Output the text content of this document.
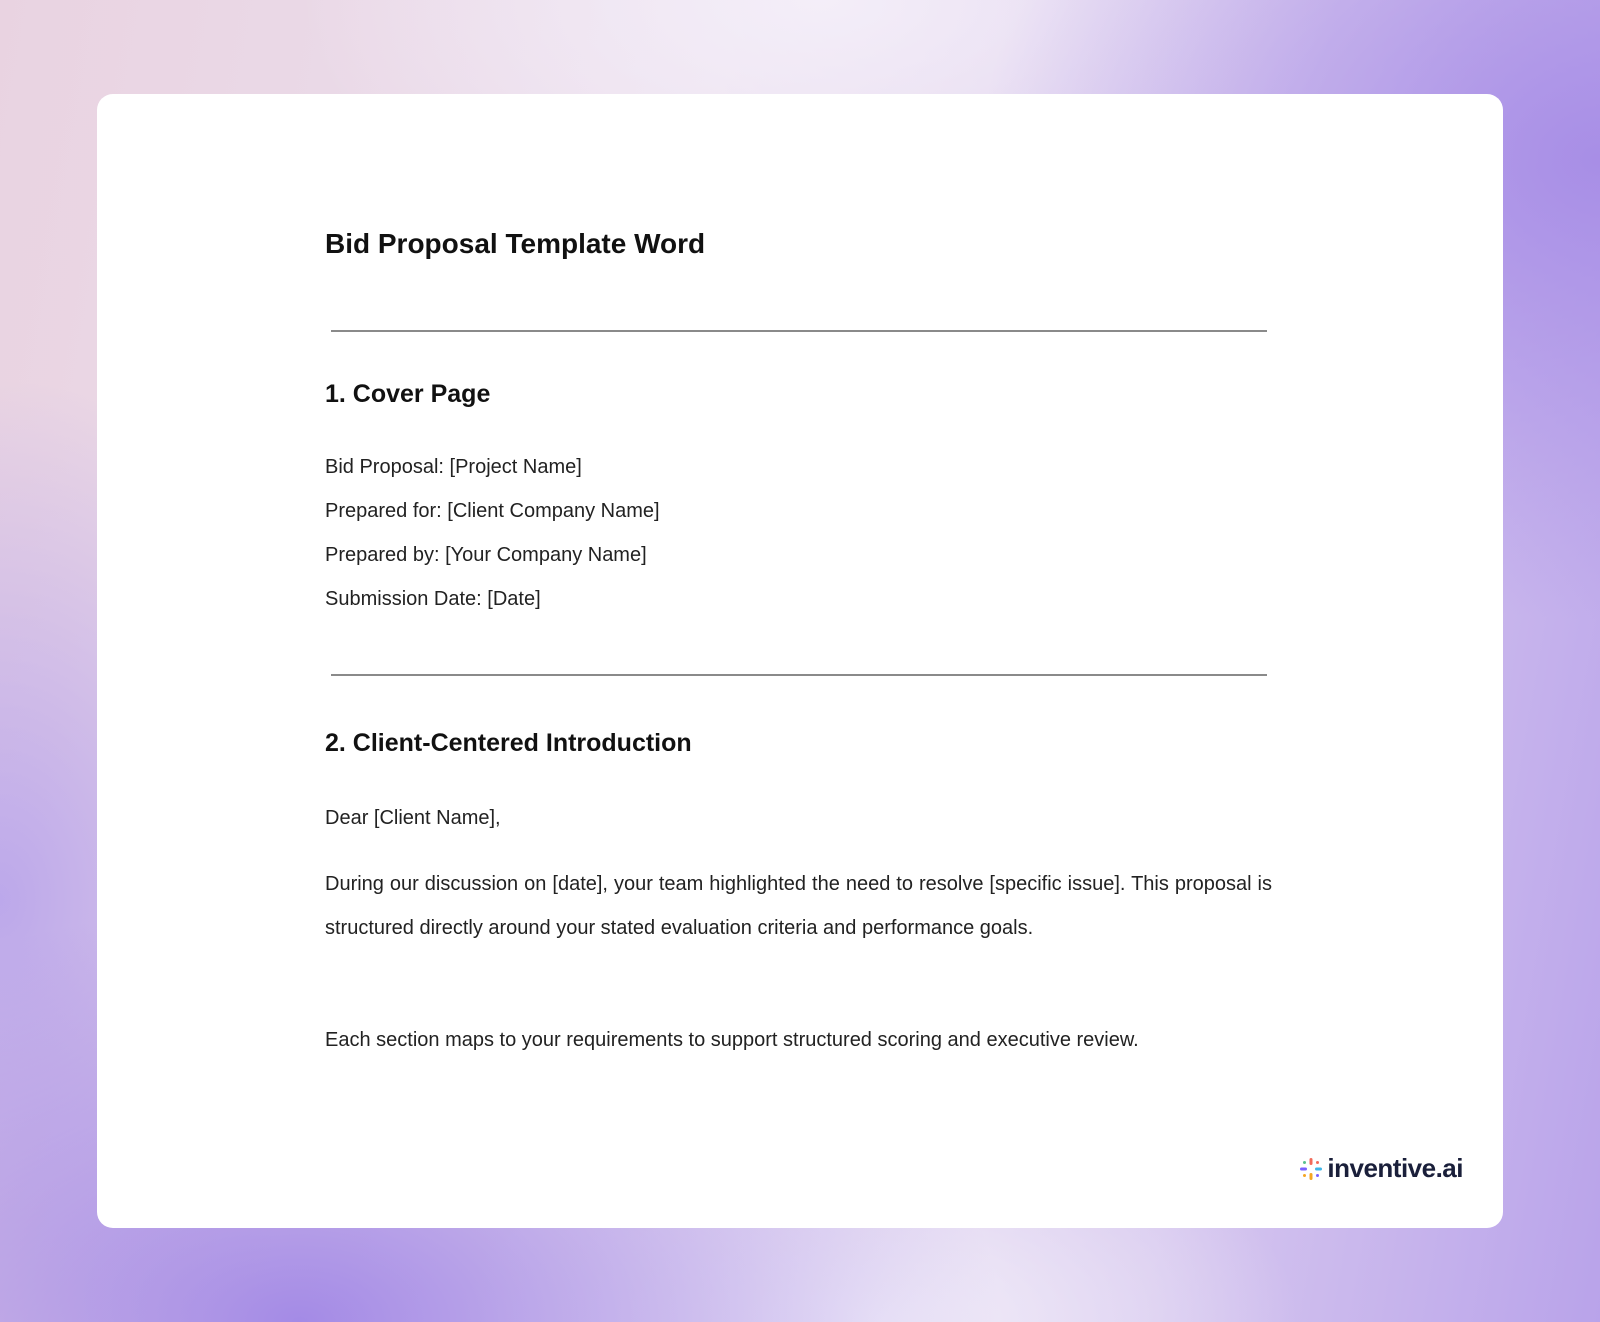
Bid Proposal Template Word
1. Cover Page

Bid Proposal: [Project Name]

Prepared for: [Client Company Name]

Prepared by: [Your Company Name]

Submission Date: [Date]

2. Client-Centered Introduction

Dear [Client Name],

During our discussion on [date], your team highlighted the need to resolve [specific issue]. This proposal is structured directly around your stated evaluation criteria and performance goals.

Each section maps to your requirements to support structured scoring and executive review.

inventive.ai
